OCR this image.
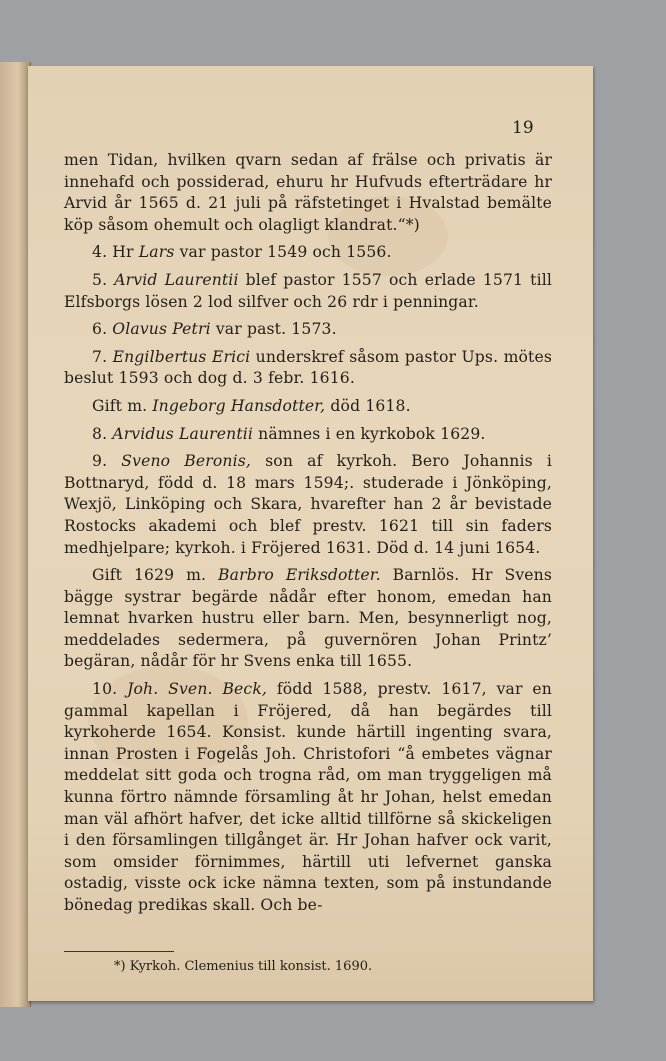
19

men Tidan, hvilken qvarn sedan af frälse och privatis är innehafd och possiderad, ehuru hr Hufvuds efterträdare hr Arvid år 1565 d. 21 juli på räfstetinget i Hvalstad bemälte köp såsom ohemult och olagligt klandrat.“*)

4. Hr Lars var pastor 1549 och 1556.

5. Arvid Laurentii blef pastor 1557 och erlade 1571 till Elfsborgs lösen 2 lod silfver och 26 rdr i penningar.

6. Olavus Petri var past. 1573.

7. Engilbertus Erici underskref såsom pastor Ups. mötes beslut 1593 och dog d. 3 febr. 1616.

Gift m. Ingeborg Hansdotter, död 1618.

8. Arvidus Laurentii nämnes i en kyrkobok 1629.

9. Sveno Beronis, son af kyrkoh. Bero Johannis i Bottnaryd, född d. 18 mars 1594;. studerade i Jönköping, Wexjö, Linköping och Skara, hvarefter han 2 år bevistade Rostocks akademi och blef prestv. 1621 till sin faders medhjelpare; kyrkoh. i Fröjered 1631. Död d. 14 juni 1654.

Gift 1629 m. Barbro Eriksdotter. Barnlös. Hr Svens bägge systrar begärde nådår efter honom, emedan han lemnat hvarken hustru eller barn. Men, besynnerligt nog, meddelades sedermera, på guvernören Johan Printz’ begäran, nådår för hr Svens enka till 1655.

10. Joh. Sven. Beck, född 1588, prestv. 1617, var en gammal kapellan i Fröjered, då han begärdes till kyrkoherde 1654. Konsist. kunde härtill ingenting svara, innan Prosten i Fogelås Joh. Christofori “å embetes vägnar meddelat sitt goda och trogna råd, om man tryggeligen må kunna förtro nämnde församling åt hr Johan, helst emedan man väl afhört hafver, det icke alltid tillförne så skickeligen i den församlingen tillgånget är. Hr Johan hafver ock varit, som omsider förnimmes, härtill uti lefvernet ganska ostadig, visste ock icke nämna texten, som på instundande bönedag predikas skall. Och be-

*) Kyrkoh. Clemenius till konsist. 1690.
